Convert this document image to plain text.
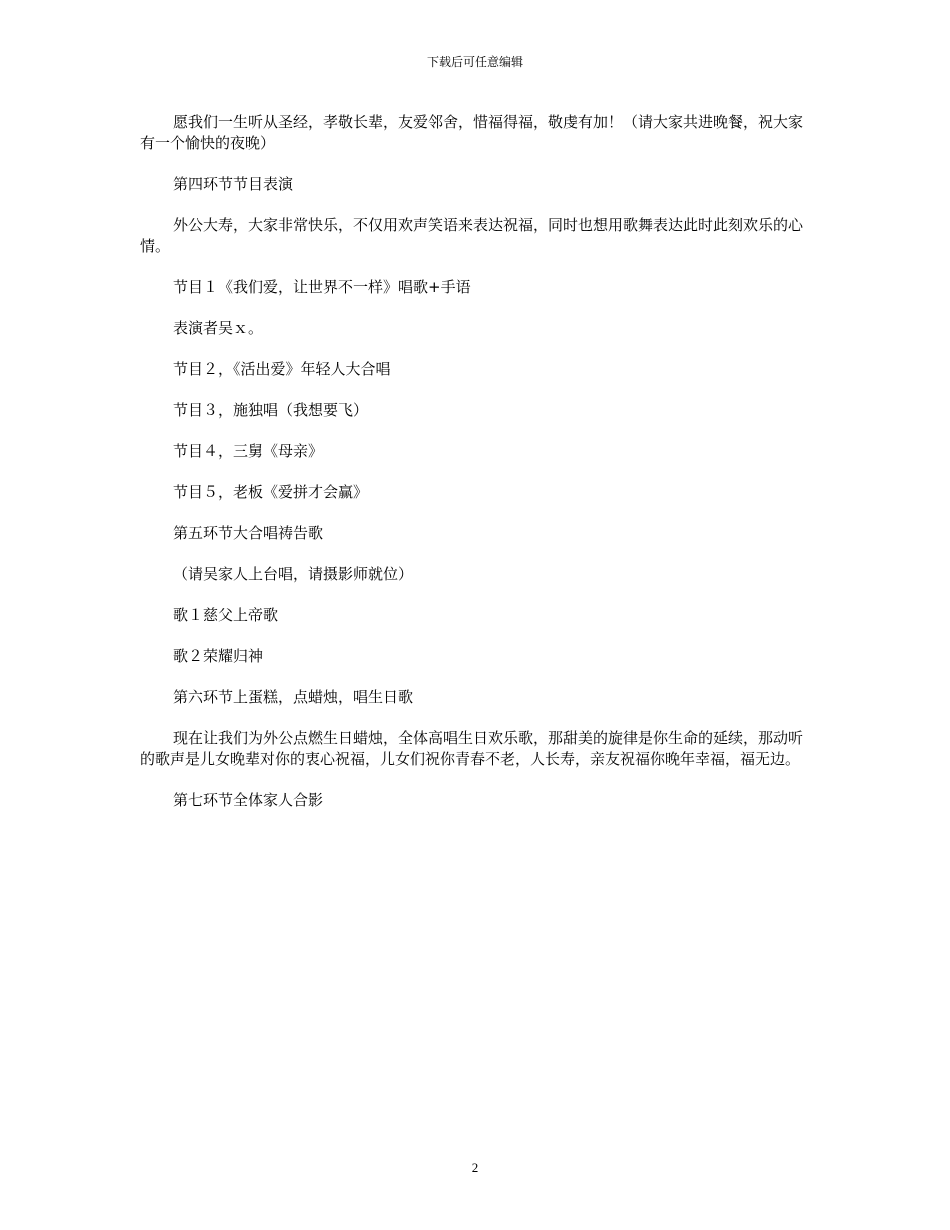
下载后可任意编辑

愿我们一生听从圣经，孝敬长辈，友爱邻舍，惜福得福，敬虔有加！（请大家共进晚餐，祝大家有一个愉快的夜晚）

第四环节节目表演

外公大寿，大家非常快乐，不仅用欢声笑语来表达祝福，同时也想用歌舞表达此时此刻欢乐的心情。

节目１《我们爱，让世界不一样》唱歌+手语

表演者吴ｘ。

节目２，《活出爱》年轻人大合唱

节目３，施独唱（我想要飞）

节目４，三舅《母亲》

节目５，老板《爱拼才会赢》

第五环节大合唱祷告歌

（请吴家人上台唱，请摄影师就位）

歌１慈父上帝歌

歌２荣耀归神

第六环节上蛋糕，点蜡烛，唱生日歌

现在让我们为外公点燃生日蜡烛，全体高唱生日欢乐歌，那甜美的旋律是你生命的延续，那动听的歌声是儿女晚辈对你的衷心祝福，儿女们祝你青春不老，人长寿，亲友祝福你晚年幸福，福无边。

第七环节全体家人合影

2
